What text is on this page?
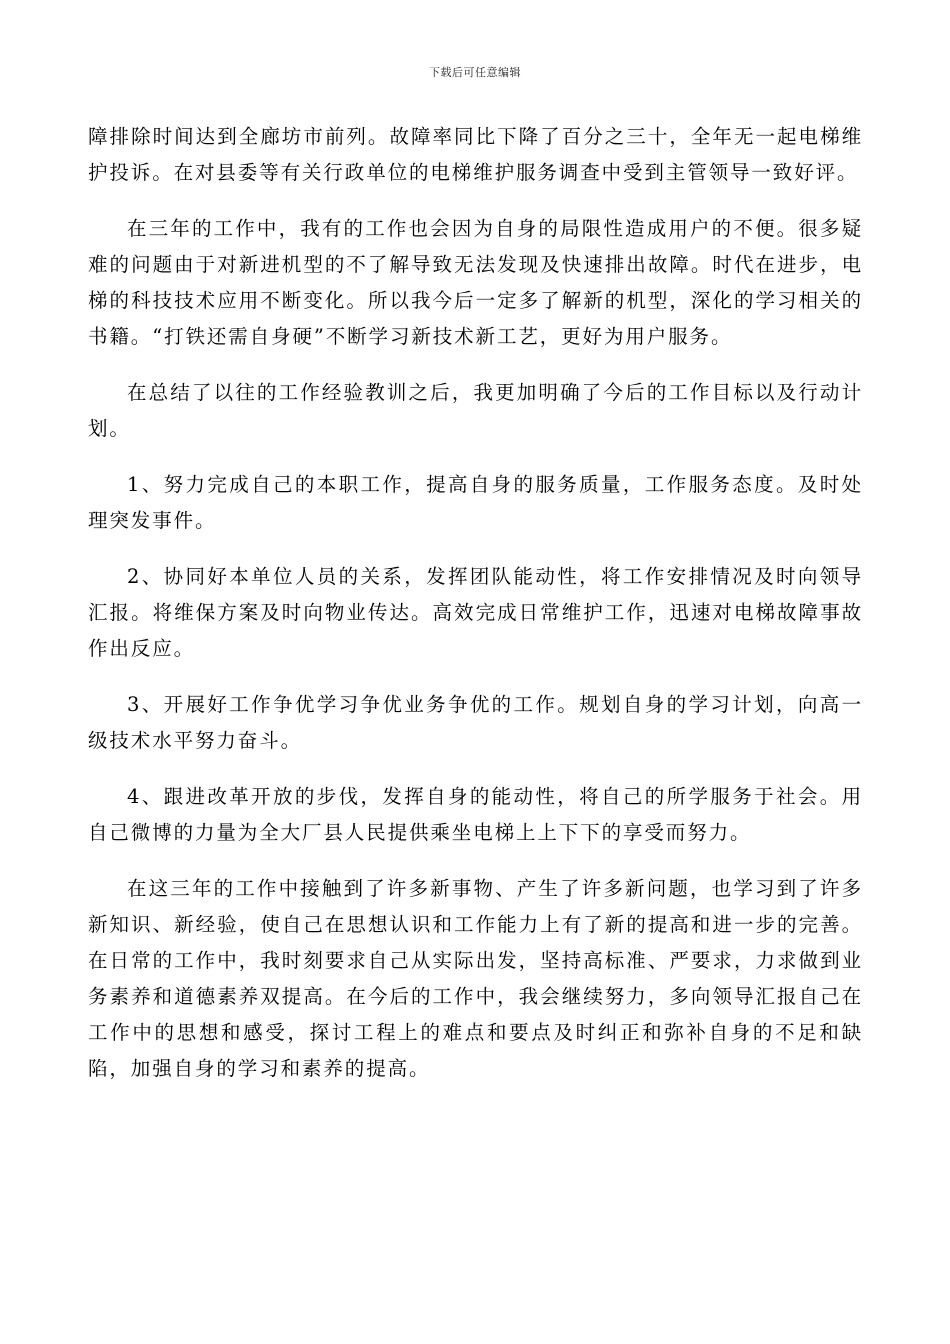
下载后可任意编辑

障排除时间达到全廊坊市前列。故障率同比下降了百分之三十，全年无一起电梯维护投诉。在对县委等有关行政单位的电梯维护服务调查中受到主管领导一致好评。

在三年的工作中，我有的工作也会因为自身的局限性造成用户的不便。很多疑难的问题由于对新进机型的不了解导致无法发现及快速排出故障。时代在进步，电梯的科技技术应用不断变化。所以我今后一定多了解新的机型，深化的学习相关的书籍。“打铁还需自身硬”不断学习新技术新工艺，更好为用户服务。

在总结了以往的工作经验教训之后，我更加明确了今后的工作目标以及行动计划。

1、努力完成自己的本职工作，提高自身的服务质量，工作服务态度。及时处理突发事件。

2、协同好本单位人员的关系，发挥团队能动性，将工作安排情况及时向领导汇报。将维保方案及时向物业传达。高效完成日常维护工作，迅速对电梯故障事故作出反应。

3、开展好工作争优学习争优业务争优的工作。规划自身的学习计划，向高一级技术水平努力奋斗。

4、跟进改革开放的步伐，发挥自身的能动性，将自己的所学服务于社会。用自己微博的力量为全大厂县人民提供乘坐电梯上上下下的享受而努力。

在这三年的工作中接触到了许多新事物、产生了许多新问题，也学习到了许多新知识、新经验，使自己在思想认识和工作能力上有了新的提高和进一步的完善。在日常的工作中，我时刻要求自己从实际出发，坚持高标准、严要求，力求做到业务素养和道德素养双提高。在今后的工作中，我会继续努力，多向领导汇报自己在工作中的思想和感受，探讨工程上的难点和要点及时纠正和弥补自身的不足和缺陷，加强自身的学习和素养的提高。
